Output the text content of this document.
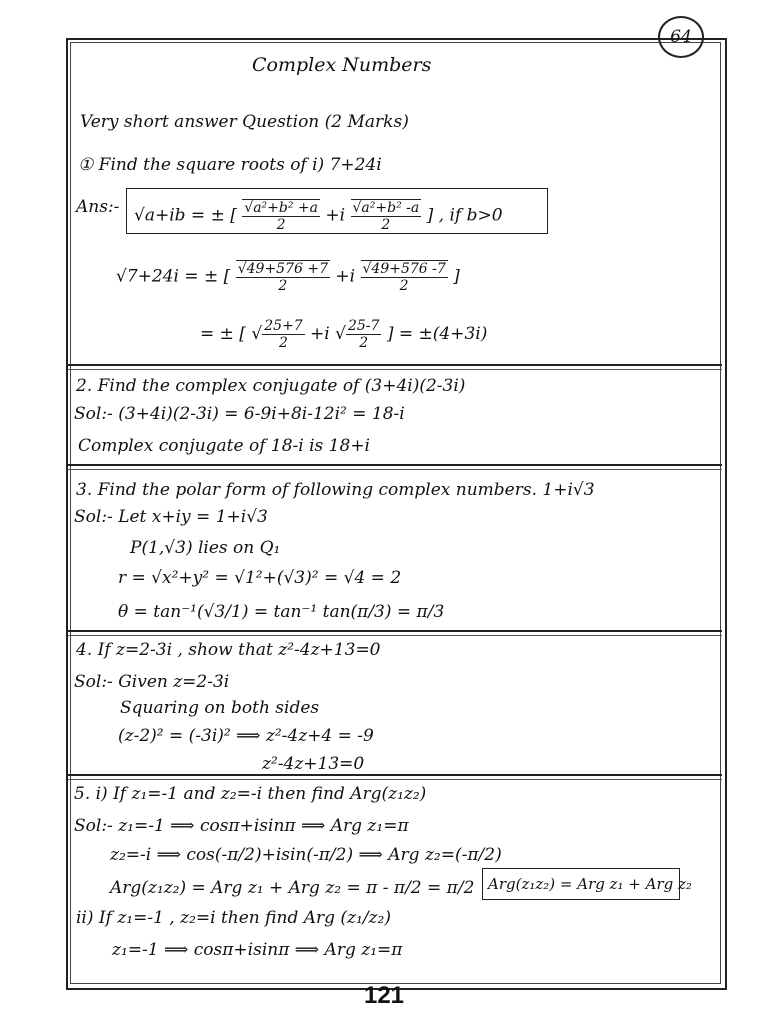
64
Complex Numbers
Very short answer Question (2 Marks)
① Find the square roots of i) 7+24i
Ans:- √a+ib = ± [ $\frac{\text{√a²+b² +a}}{2} +i \frac{\text{√a²+b² -a}}{2}$ ] , if b>0
√7+24i = ± [ $\frac{√49+576 +7}{2} +i \frac{√49+576 -7}{2}$ ]
= ± [ √ $\frac{25+7}{2} +i$ √ $\frac{25-7}{2}$ ] = ±(4+3i)
2. Find the complex conjugate of (3+4i)(2-3i)
Sol:- (3+4i)(2-3i) = 6-9i+8i-12i² = 18-i
Complex conjugate of 18-i is 18+i
3. Find the polar form of following complex numbers. 1+i√3
Sol:- Let x+iy = 1+i√3
P(1,√3) lies on Q₁
r = √x²+y² = √1²+(√3)² = √4 = 2
θ = tan⁻¹(√3/1) = tan⁻¹ tan(π/3) = π/3
4. If z=2-3i , show that z²-4z+13=0
Sol:- Given z=2-3i
Squaring on both sides
(z-2)² = (-3i)² ⟹ z²-4z+4 = -9
z²-4z+13=0
5. i) If z₁=-1 and z₂=-i then find Arg(z₁z₂)
Sol:- z₁=-1 ⟹ cosπ+isinπ ⟹ Arg z₁=π
z₂=-i ⟹ cos(-π/2)+isin(-π/2) ⟹ Arg z₂=(-π/2)
Arg(z₁z₂) = Arg z₁ + Arg z₂ = π - π/2 = π/2 Arg(z₁z₂) = Arg z₁ + Arg z₂
ii) If z₁=-1 , z₂=i then find Arg (z₁/z₂)
z₁=-1 ⟹ cosπ+isinπ ⟹ Arg z₁=π
121
